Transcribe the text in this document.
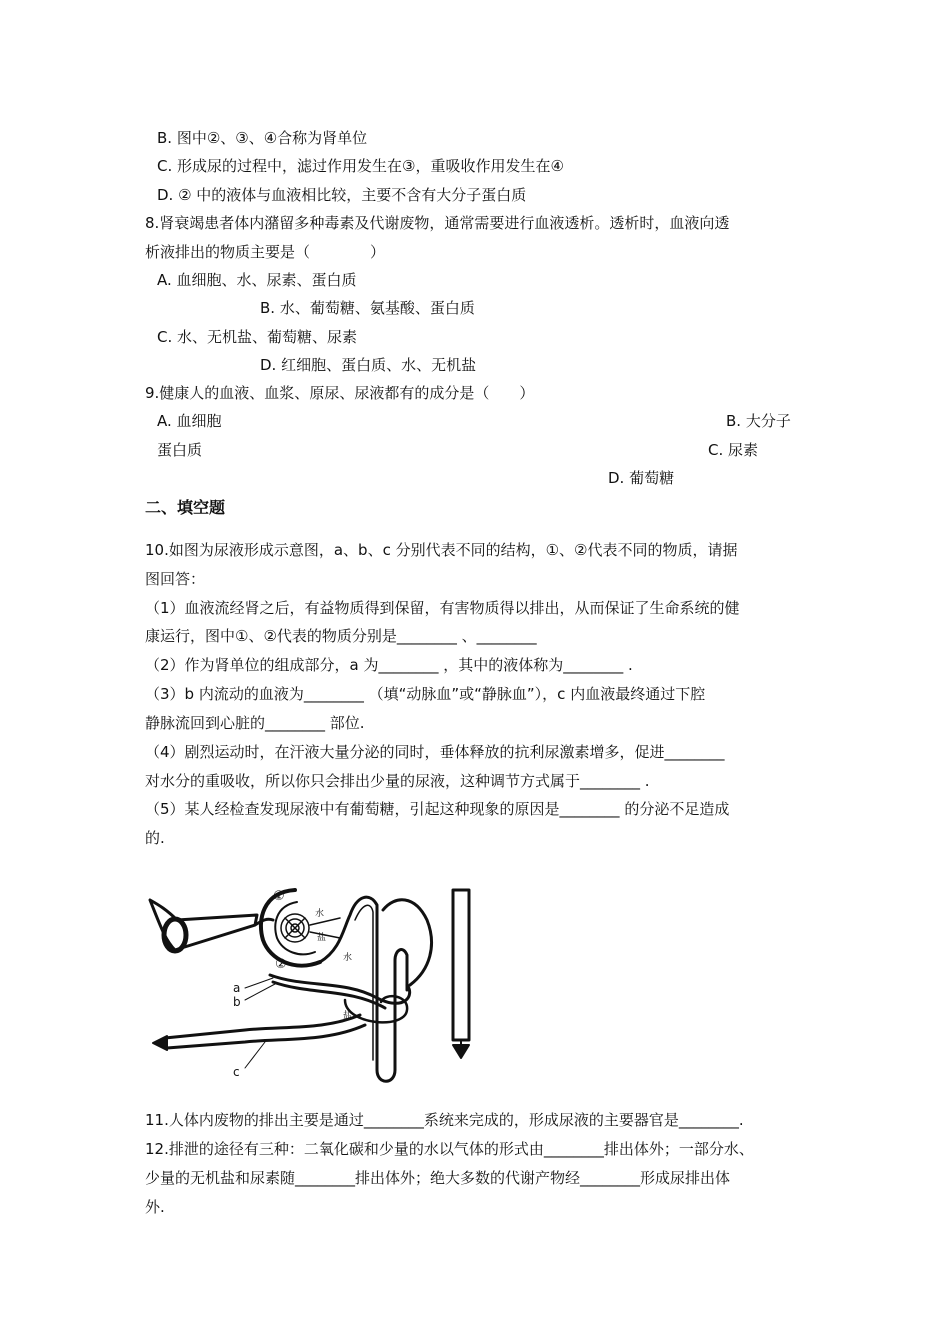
B. 图中②、③、④合称为肾单位
C. 形成尿的过程中，滤过作用发生在③，重吸收作用发生在④
D. ② 中的液体与血液相比较，主要不含有大分子蛋白质
8.肾衰竭患者体内潴留多种毒素及代谢废物，通常需要进行血液透析。透析时，血液向透
析液排出的物质主要是（　　　　）
A. 血细胞、水、尿素、蛋白质
B. 水、葡萄糖、氨基酸、蛋白质
C. 水、无机盐、葡萄糖、尿素
D. 红细胞、蛋白质、水、无机盐
9.健康人的血液、血浆、原尿、尿液都有的成分是（　　）
A. 血细胞	B. 大分子
蛋白质	C. 尿素
D. 葡萄糖
二、填空题
10.如图为尿液形成示意图，a、b、c 分别代表不同的结构，①、②代表不同的物质，请据
图回答：
（1）血液流经肾之后，有益物质得到保留，有害物质得以排出，从而保证了生命系统的健
康运行，图中①、②代表的物质分别是________ 、________
（2）作为肾单位的组成部分，a 为________ ，其中的液体称为________ .
（3）b 内流动的血液为________ （填“动脉血”或“静脉血”），c 内血液最终通过下腔
静脉流回到心脏的________ 部位.
（4）剧烈运动时，在汗液大量分泌的同时，垂体释放的抗利尿激素增多，促进________
对水分的重吸收，所以你只会排出少量的尿液，这种调节方式属于________ .
（5）某人经检查发现尿液中有葡萄糖，引起这种现象的原因是________ 的分泌不足造成
的.
①
②
水
盐
水
盐
a
b
c
11.人体内废物的排出主要是通过________系统来完成的，形成尿液的主要器官是________.
12.排泄的途径有三种：二氧化碳和少量的水以气体的形式由________排出体外；一部分水、
少量的无机盐和尿素随________排出体外；绝大多数的代谢产物经________形成尿排出体
外.
